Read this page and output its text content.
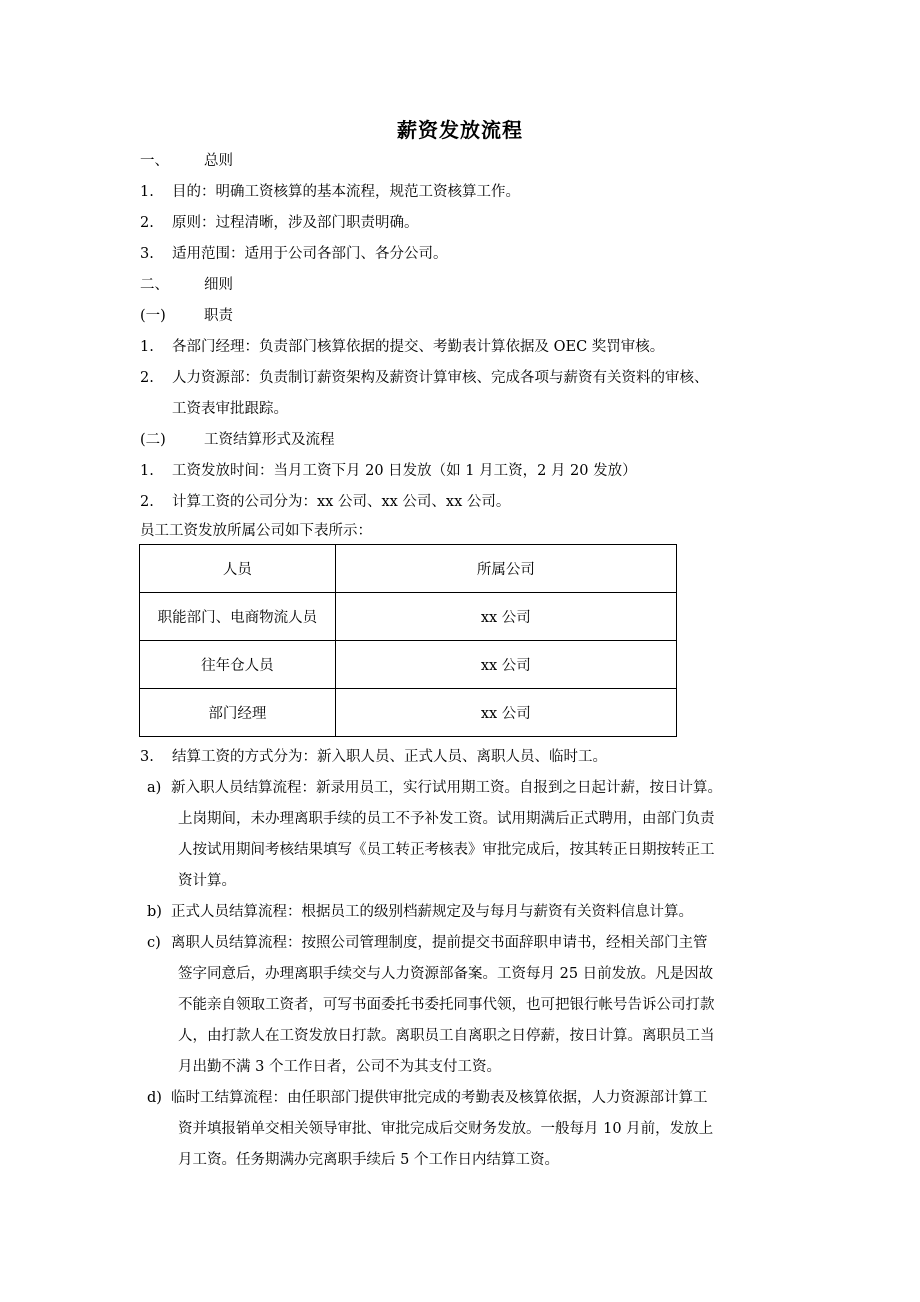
薪资发放流程
一、 总则
1. 目的：明确工资核算的基本流程，规范工资核算工作。
2. 原则：过程清晰，涉及部门职责明确。
3. 适用范围：适用于公司各部门、各分公司。
二、 细则
(一)	职责
1. 各部门经理：负责部门核算依据的提交、考勤表计算依据及 OEC 奖罚审核。
2. 人力资源部：负责制订薪资架构及薪资计算审核、完成各项与薪资有关资料的审核、
工资表审批跟踪。
(二)	工资结算形式及流程
1. 工资发放时间：当月工资下月 20 日发放（如 1 月工资，2 月 20 发放）
2. 计算工资的公司分为：xx 公司、xx 公司、xx 公司。
员工工资发放所属公司如下表所示：
人员	所属公司
职能部门、电商物流人员	xx 公司
往年仓人员	xx 公司
部门经理	xx 公司
3. 结算工资的方式分为：新入职人员、正式人员、离职人员、临时工。
a) 新入职人员结算流程：新录用员工，实行试用期工资。自报到之日起计薪，按日计算。
上岗期间，未办理离职手续的员工不予补发工资。试用期满后正式聘用，由部门负责
人按试用期间考核结果填写《员工转正考核表》审批完成后，按其转正日期按转正工
资计算。
b) 正式人员结算流程：根据员工的级别档薪规定及与每月与薪资有关资料信息计算。
c) 离职人员结算流程：按照公司管理制度，提前提交书面辞职申请书，经相关部门主管
签字同意后，办理离职手续交与人力资源部备案。工资每月 25 日前发放。凡是因故
不能亲自领取工资者，可写书面委托书委托同事代领，也可把银行帐号告诉公司打款
人，由打款人在工资发放日打款。离职员工自离职之日停薪，按日计算。离职员工当
月出勤不满 3 个工作日者，公司不为其支付工资。
d) 临时工结算流程：由任职部门提供审批完成的考勤表及核算依据，人力资源部计算工
资并填报销单交相关领导审批、审批完成后交财务发放。一般每月 10 月前，发放上
月工资。任务期满办完离职手续后 5 个工作日内结算工资。
